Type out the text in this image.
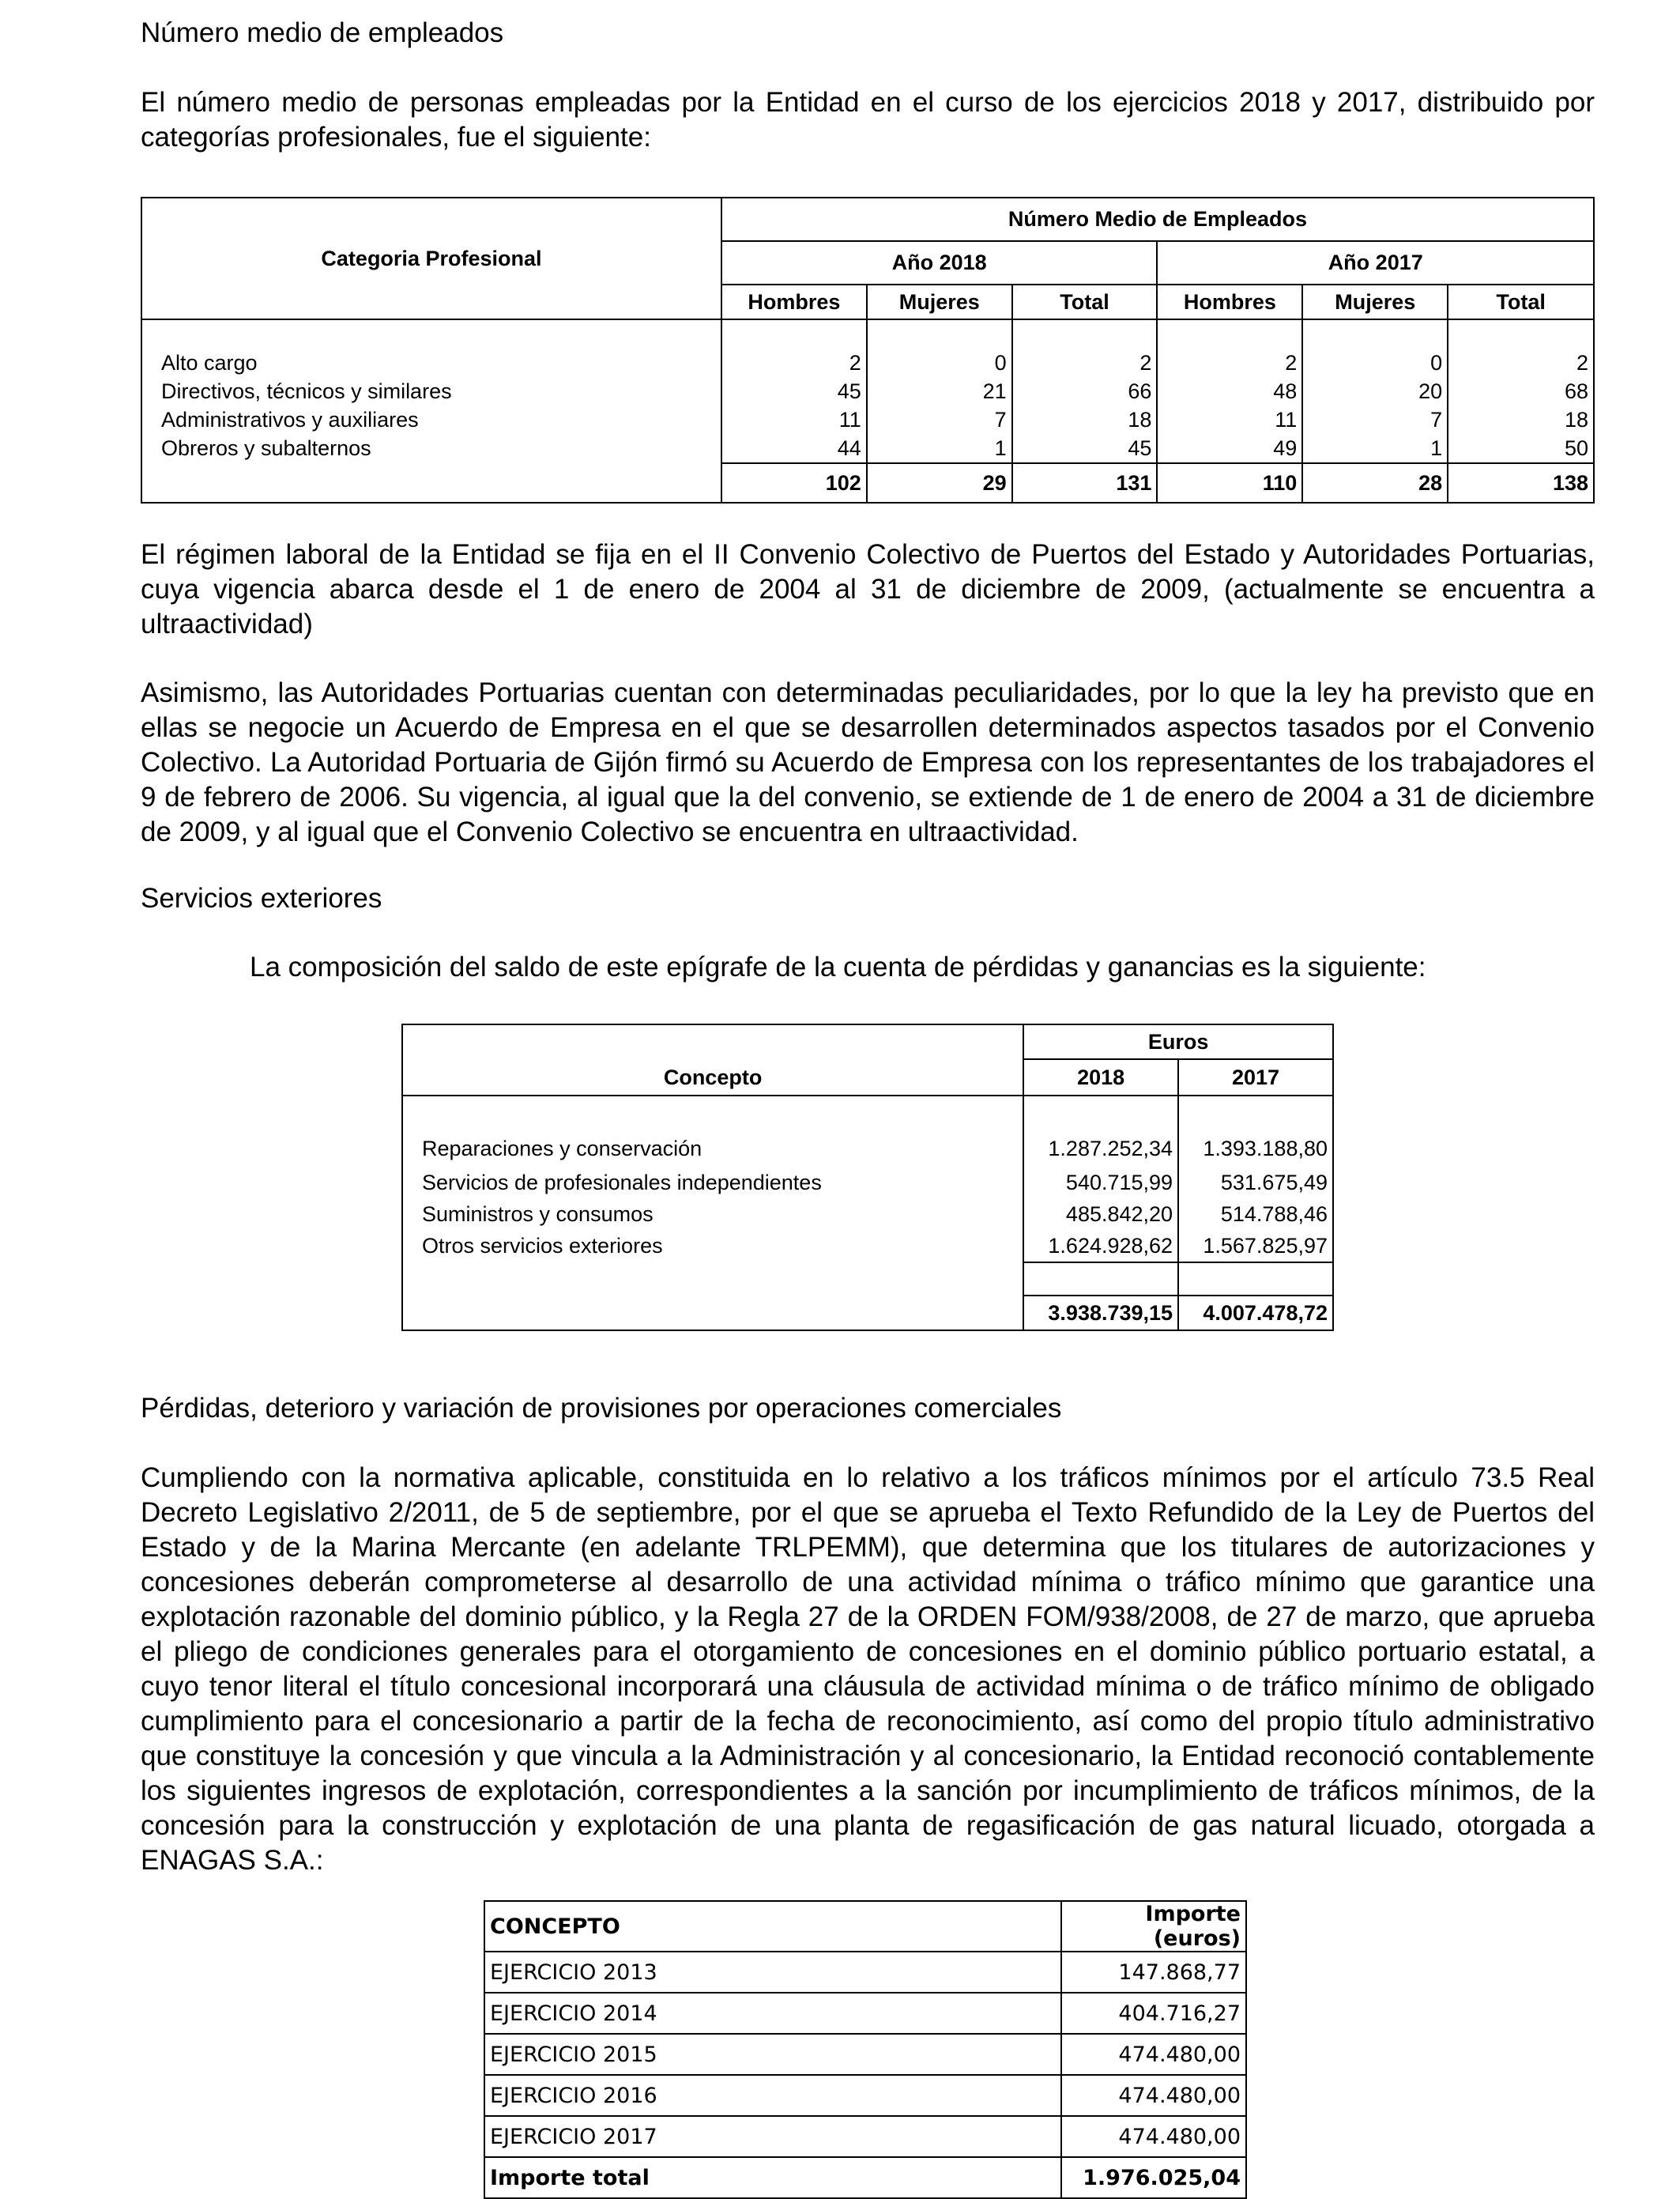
Número medio de empleados

El número medio de personas empleadas por la Entidad en el curso de los ejercicios 2018 y 2017, distribuido por categorías profesionales, fue el siguiente:

Categoria Profesional	Número Medio de Empleados					
	Año 2018			Año 2017		
	Hombres	Mujeres	Total	Hombres	Mujeres	Total

Alto cargo	2	0	2	2	0	2
Directivos, técnicos y similares	45	21	66	48	20	68
Administrativos y auxiliares	11	7	18	11	7	18
Obreros y subalternos	44	1	45	49	1	50
	102	29	131	110	28	138

El régimen laboral de la Entidad se fija en el II Convenio Colectivo de Puertos del Estado y Autoridades Portuarias, cuya vigencia abarca desde el 1 de enero de 2004 al 31 de diciembre de 2009, (actualmente se encuentra a ultraactividad)

Asimismo, las Autoridades Portuarias cuentan con determinadas peculiaridades, por lo que la ley ha previsto que en ellas se negocie un Acuerdo de Empresa en el que se desarrollen determinados aspectos tasados por el Convenio Colectivo. La Autoridad Portuaria de Gijón firmó su Acuerdo de Empresa con los representantes de los trabajadores el 9 de febrero de 2006. Su vigencia, al igual que la del convenio, se extiende de 1 de enero de 2004 a 31 de diciembre de 2009, y al igual que el Convenio Colectivo se encuentra en ultraactividad.

Servicios exteriores

La composición del saldo de este epígrafe de la cuenta de pérdidas y ganancias es la siguiente:

Concepto	Euros	
	2018	2017

Reparaciones y conservación	1.287.252,34	1.393.188,80
Servicios de profesionales independientes	540.715,99	531.675,49
Suministros y consumos	485.842,20	514.788,46
Otros servicios exteriores	1.624.928,62	1.567.825,97

	3.938.739,15	4.007.478,72

Pérdidas, deterioro y variación de provisiones por operaciones comerciales

Cumpliendo con la normativa aplicable, constituida en lo relativo a los tráficos mínimos por el artículo 73.5 Real Decreto Legislativo 2/2011, de 5 de septiembre, por el que se aprueba el Texto Refundido de la Ley de Puertos del Estado y de la Marina Mercante (en adelante TRLPEMM), que determina que los titulares de autorizaciones y concesiones deberán comprometerse al desarrollo de una actividad mínima o tráfico mínimo que garantice una explotación razonable del dominio público, y la Regla 27 de la ORDEN FOM/938/2008, de 27 de marzo, que aprueba el pliego de condiciones generales para el otorgamiento de concesiones en el dominio público portuario estatal, a cuyo tenor literal el título concesional incorporará una cláusula de actividad mínima o de tráfico mínimo de obligado cumplimiento para el concesionario a partir de la fecha de reconocimiento, así como del propio título administrativo que constituye la concesión y que vincula a la Administración y al concesionario, la Entidad reconoció contablemente los siguientes ingresos de explotación, correspondientes a la sanción por incumplimiento de tráficos mínimos, de la concesión para la construcción y explotación de una planta de regasificación de gas natural licuado, otorgada a ENAGAS S.A.:

CONCEPTO	Importe (euros)
EJERCICIO 2013	147.868,77
EJERCICIO 2014	404.716,27
EJERCICIO 2015	474.480,00
EJERCICIO 2016	474.480,00
EJERCICIO 2017	474.480,00
Importe total	1.976.025,04
